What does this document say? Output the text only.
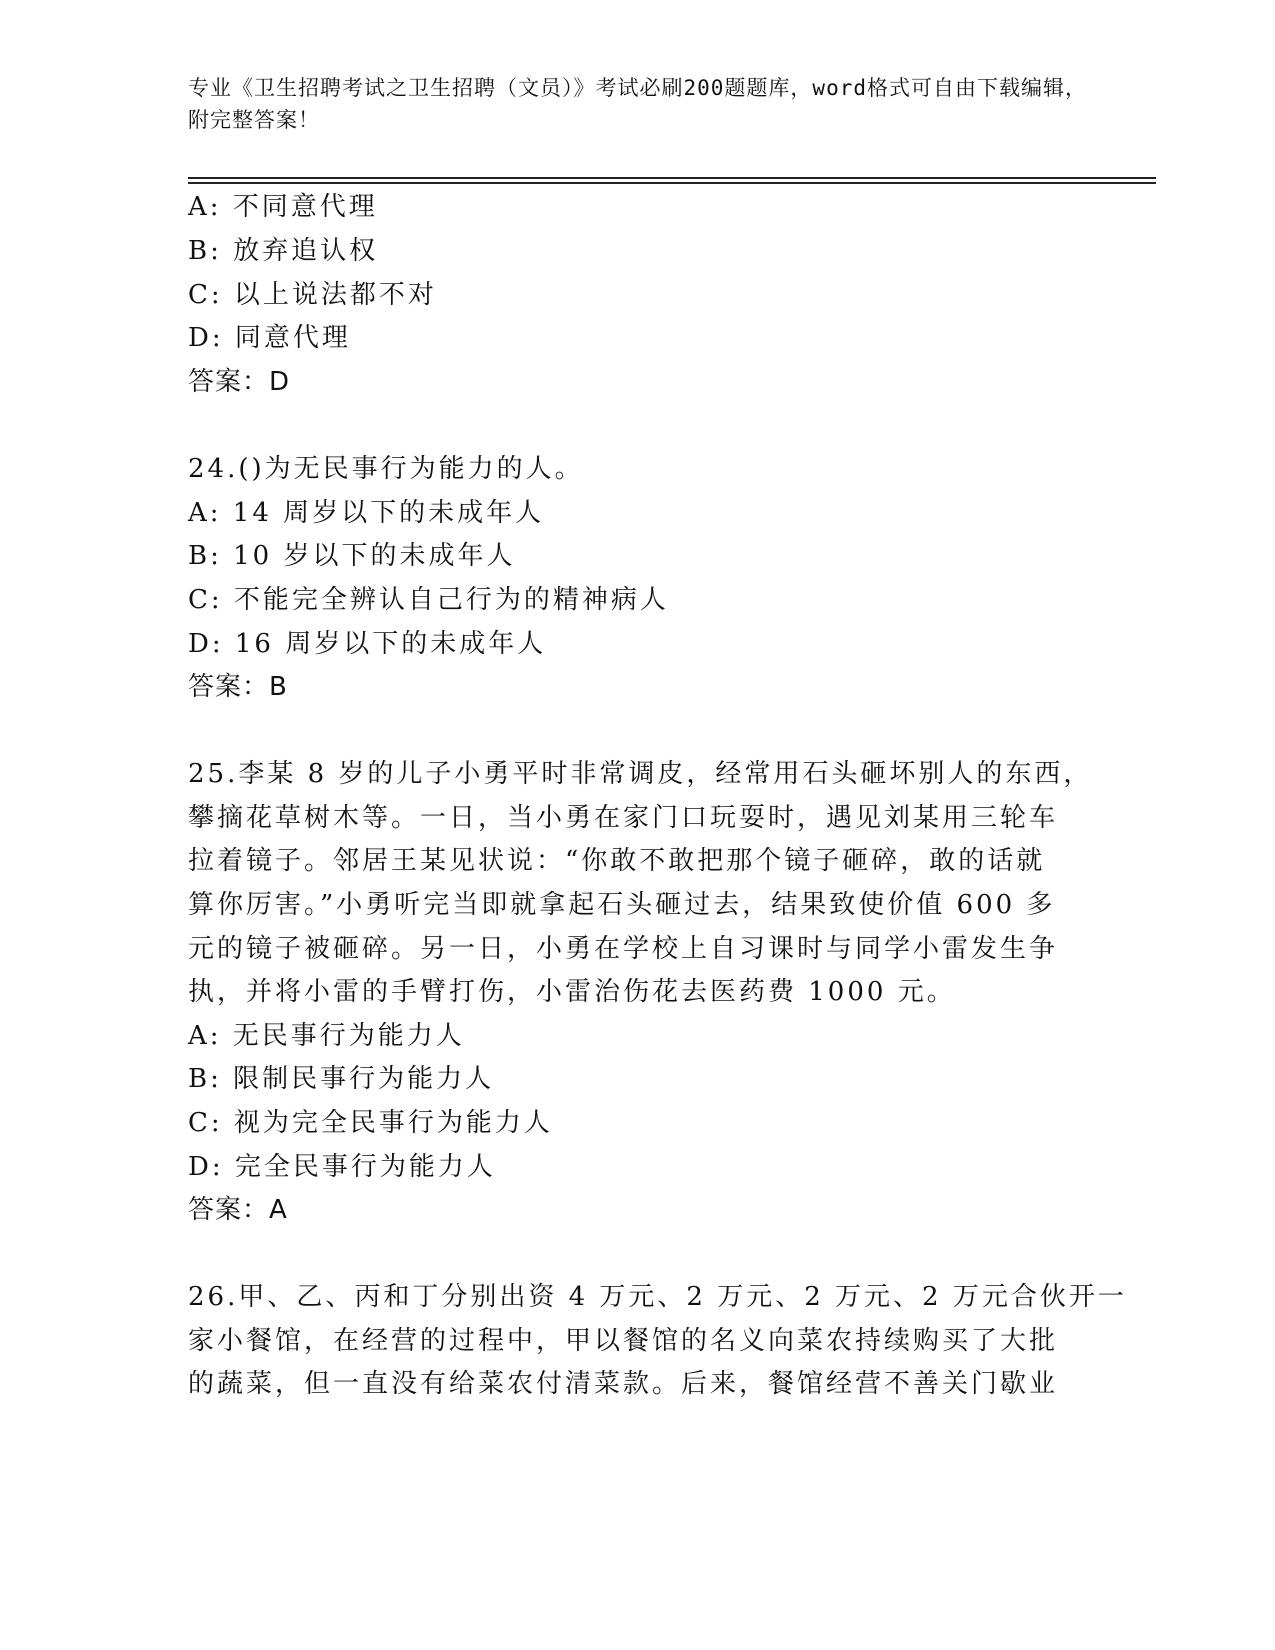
专业《卫生招聘考试之卫生招聘（文员）》考试必刷200题题库，word格式可自由下载编辑，附完整答案！
A: 不同意代理
B: 放弃追认权
C: 以上说法都不对
D: 同意代理
答案：D
24.()为无民事行为能力的人。
A: 14 周岁以下的未成年人
B: 10 岁以下的未成年人
C: 不能完全辨认自己行为的精神病人
D: 16 周岁以下的未成年人
答案：B
25.李某 8 岁的儿子小勇平时非常调皮，经常用石头砸坏别人的东西，
攀摘花草树木等。一日，当小勇在家门口玩耍时，遇见刘某用三轮车
拉着镜子。邻居王某见状说：“你敢不敢把那个镜子砸碎，敢的话就
算你厉害。”小勇听完当即就拿起石头砸过去，结果致使价值 600 多
元的镜子被砸碎。另一日，小勇在学校上自习课时与同学小雷发生争
执，并将小雷的手臂打伤，小雷治伤花去医药费 1000 元。
A: 无民事行为能力人
B: 限制民事行为能力人
C: 视为完全民事行为能力人
D: 完全民事行为能力人
答案：A
26.甲、乙、丙和丁分别出资 4 万元、2 万元、2 万元、2 万元合伙开一
家小餐馆，在经营的过程中，甲以餐馆的名义向菜农持续购买了大批
的蔬菜，但一直没有给菜农付清菜款。后来，餐馆经营不善关门歇业
